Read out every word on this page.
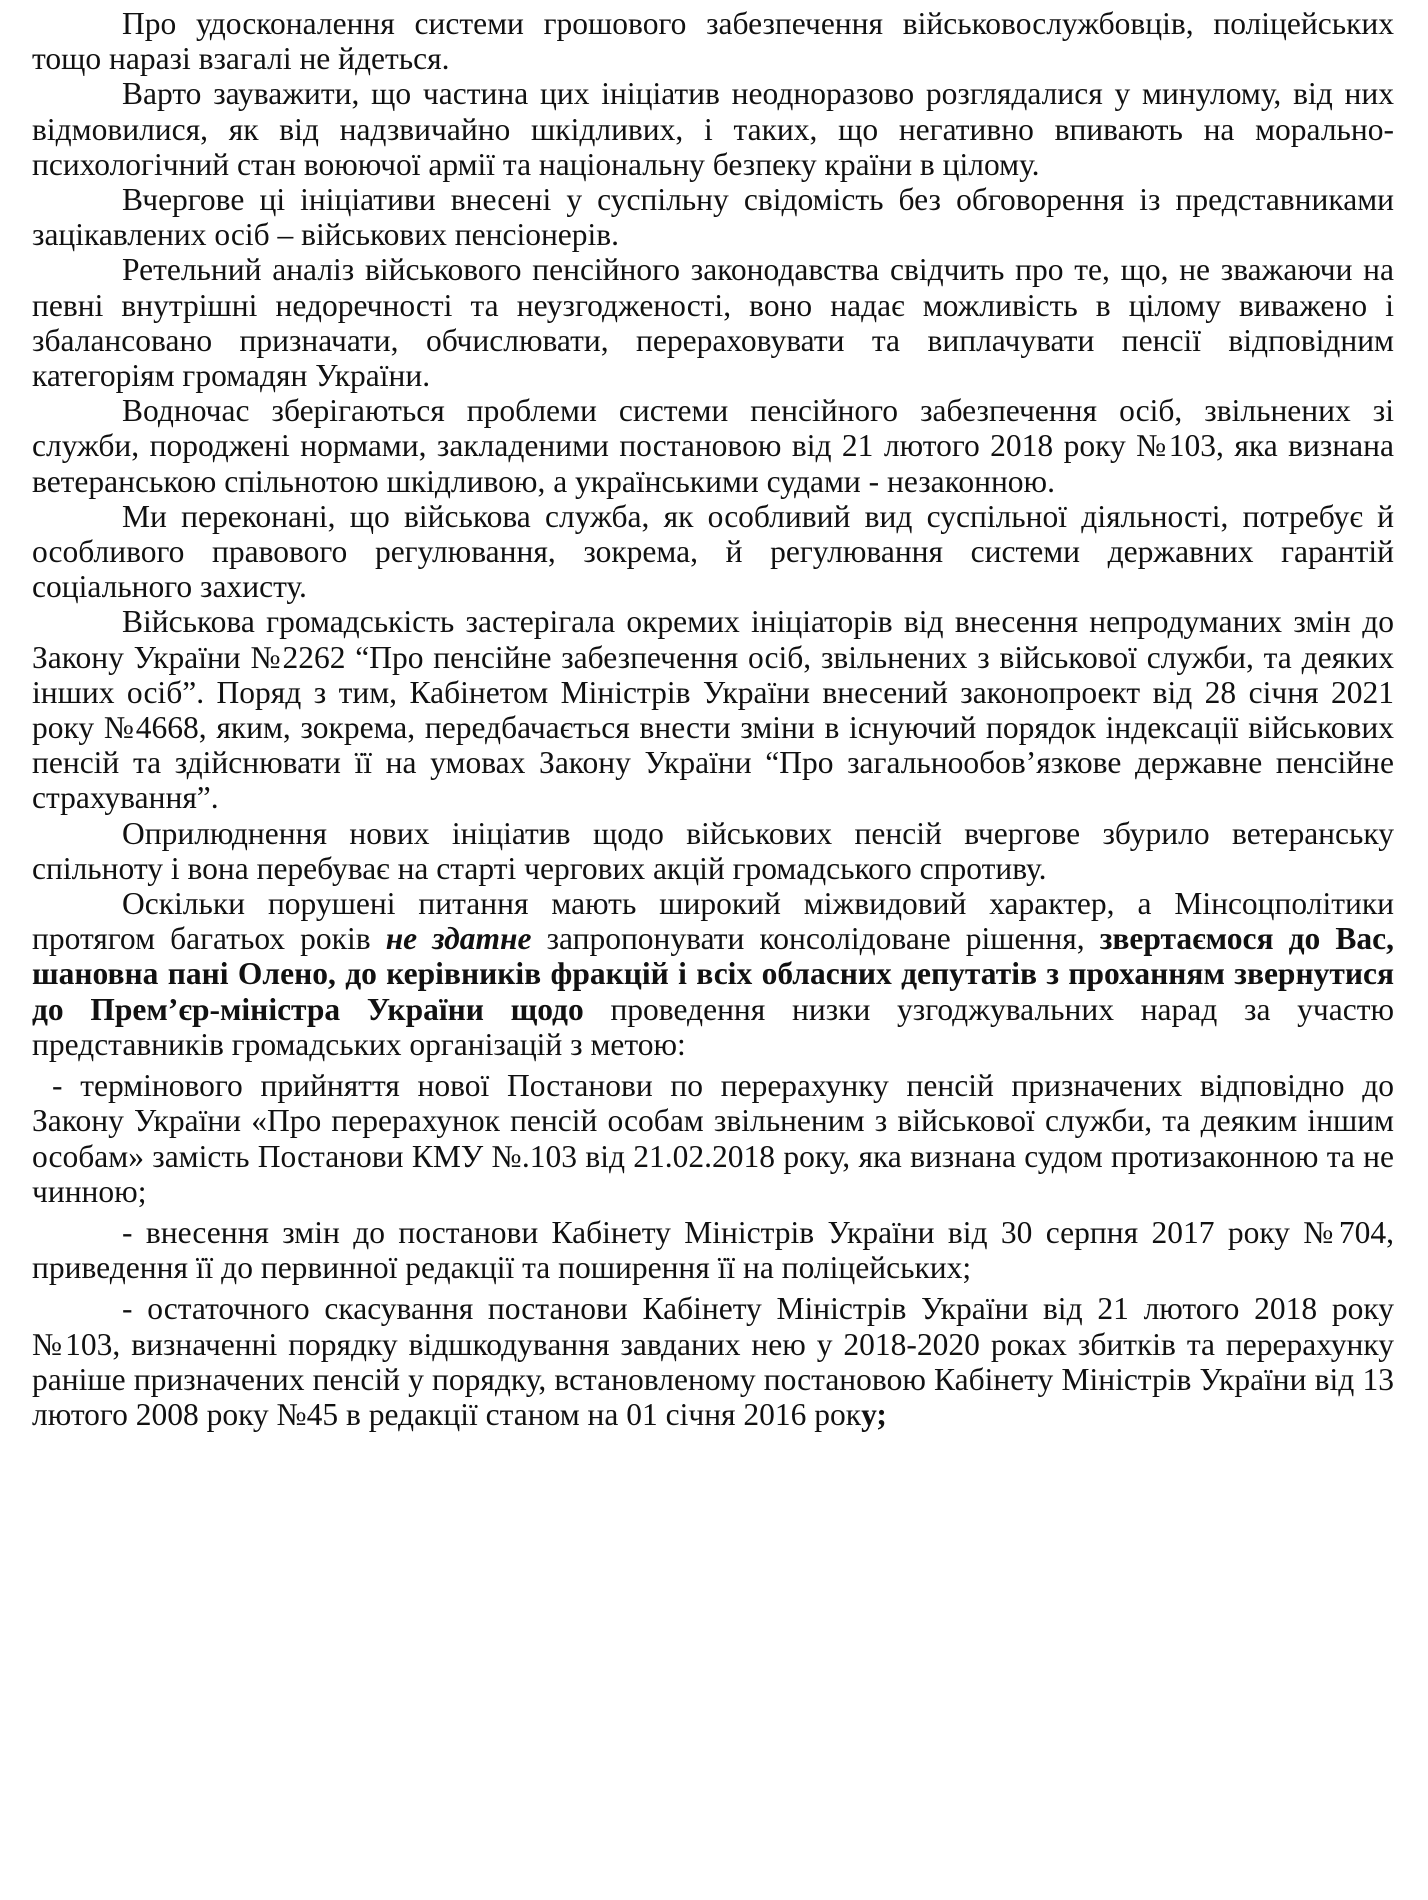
Про удосконалення системи грошового забезпечення військовослужбовців, поліцейських тощо наразі взагалі не йдеться.

Варто зауважити, що частина цих ініціатив неодноразово розглядалися у минулому, від них відмовилися, як від надзвичайно шкідливих, і таких, що негативно впивають на морально-психологічний стан воюючої армії та національну безпеку країни в цілому.

Вчергове ці ініціативи внесені у суспільну свідомість без обговорення із представниками зацікавлених осіб – військових пенсіонерів.

Ретельний аналіз військового пенсійного законодавства свідчить про те, що, не зважаючи на певні внутрішні недоречності та неузгодженості, воно надає можливість в цілому виважено і збалансовано призначати, обчислювати, перераховувати та виплачувати пенсії відповідним категоріям громадян України.

Водночас зберігаються проблеми системи пенсійного забезпечення осіб, звільнених зі служби, породжені нормами, закладеними постановою від 21 лютого 2018 року №103, яка визнана ветеранською спільнотою шкідливою, а українськими судами - незаконною.

Ми переконані, що військова служба, як особливий вид суспільної діяльності, потребує й особливого правового регулювання, зокрема, й регулювання системи державних гарантій соціального захисту.

Військова громадськість застерігала окремих ініціаторів від внесення непродуманих змін до Закону України №2262 “Про пенсійне забезпечення осіб, звільнених з військової служби, та деяких інших осіб”. Поряд з тим, Кабінетом Міністрів України внесений законопроект від 28 січня 2021 року №4668, яким, зокрема, передбачається внести зміни в існуючий порядок індексації військових пенсій та здійснювати її на умовах Закону України “Про загальнообов’язкове державне пенсійне страхування”.

Оприлюднення нових ініціатив щодо військових пенсій вчергове збурило ветеранську спільноту і вона перебуває на старті чергових акцій громадського спротиву.

Оскільки порушені питання мають широкий міжвидовий характер, а Мінсоцполітики протягом багатьох років не здатне запропонувати консолідоване рішення, звертаємося до Вас, шановна пані Олено, до керівників фракцій і всіх обласних депутатів з проханням звернутися до Прем’єр-міністра України щодо проведення низки узгоджувальних нарад за участю представників громадських організацій з метою:

- термінового прийняття нової Постанови по перерахунку пенсій призначених відповідно до Закону України «Про перерахунок пенсій особам звільненим з військової служби, та деяким іншим особам» замість Постанови КМУ №.103 від 21.02.2018 року, яка визнана судом протизаконною та не чинною;

- внесення змін до постанови Кабінету Міністрів України від 30 серпня 2017 року №704, приведення її до первинної редакції та поширення її на поліцейських;

- остаточного скасування постанови Кабінету Міністрів України від 21 лютого 2018 року №103, визначенні порядку відшкодування завданих нею у 2018-2020 роках збитків та перерахунку раніше призначених пенсій у порядку, встановленому постановою Кабінету Міністрів України від 13 лютого 2008 року №45 в редакції станом на 01 січня 2016 року;
